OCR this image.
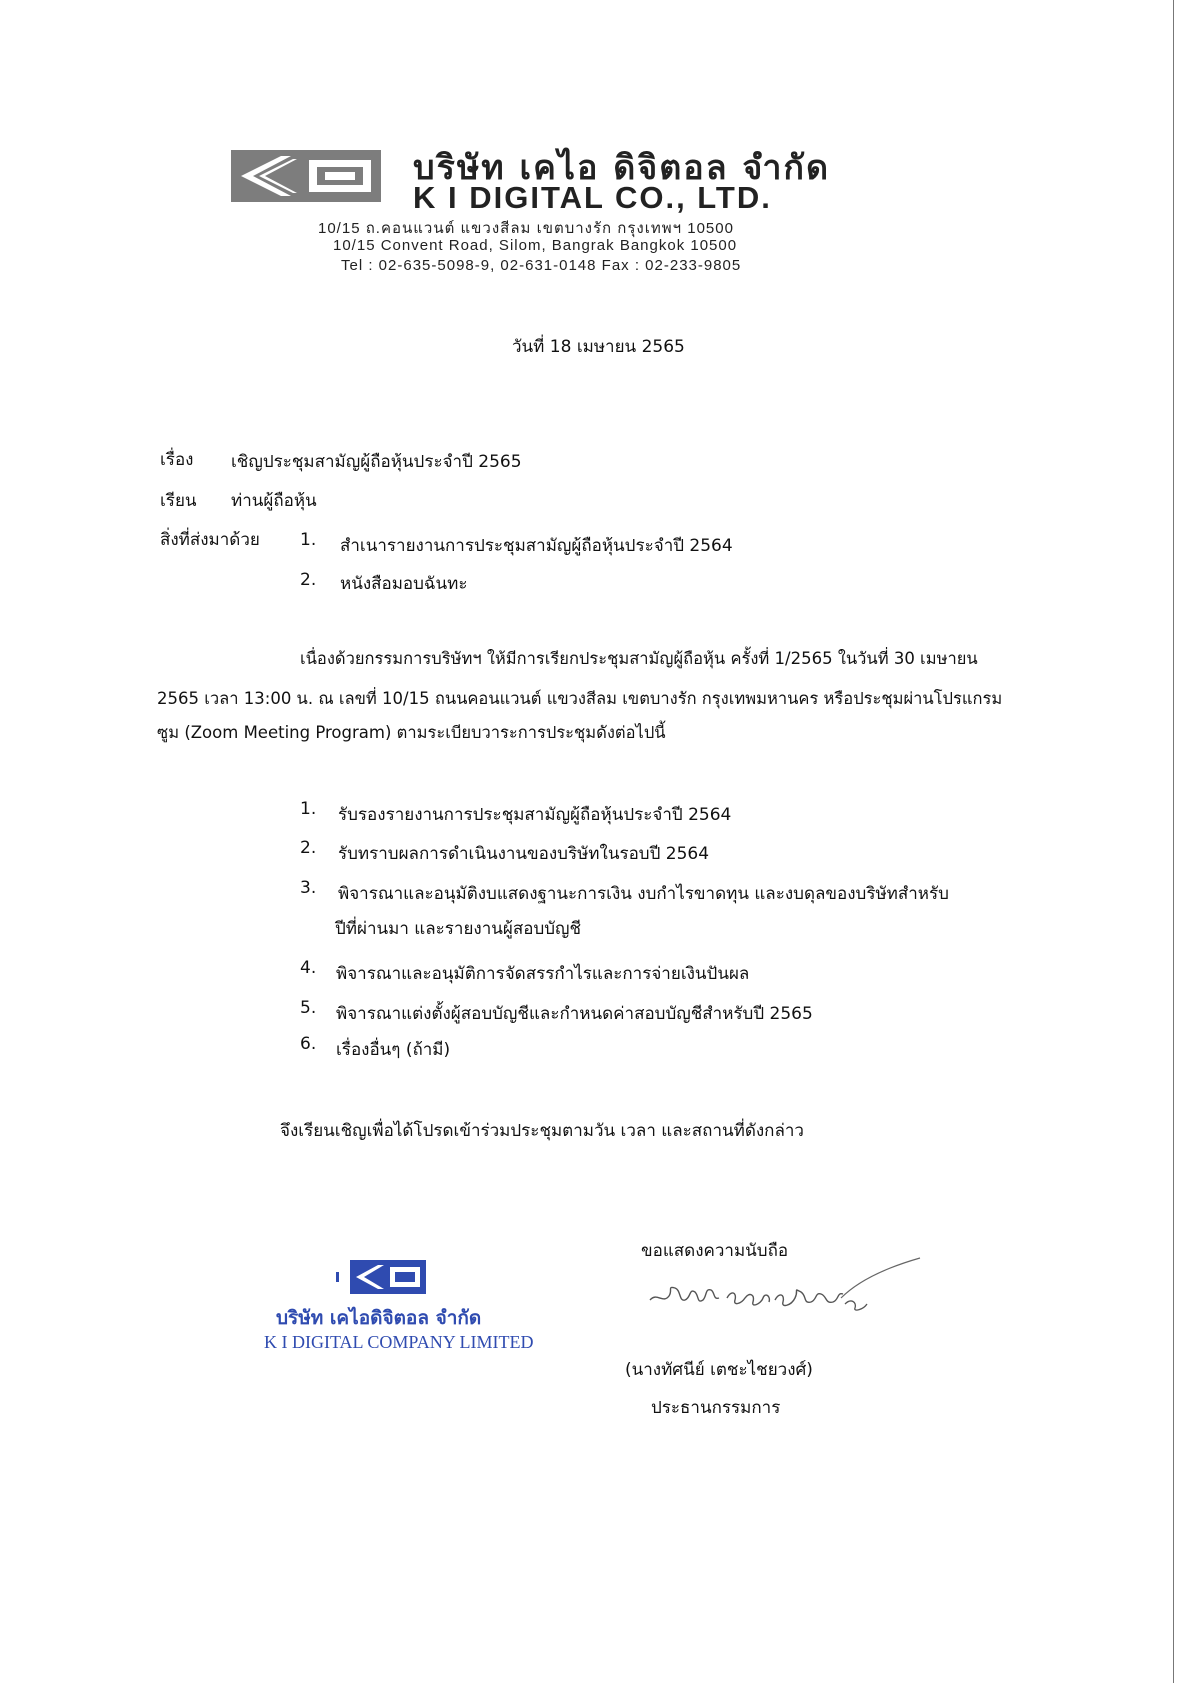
บริษัท เคไอ ดิจิตอล จำกัด
K I DIGITAL CO., LTD.
10/15 ถ.คอนแวนต์ แขวงสีลม เขตบางรัก กรุงเทพฯ 10500
10/15 Convent Road, Silom, Bangrak Bangkok 10500
Tel : 02-635-5098-9, 02-631-0148 Fax : 02-233-9805
วันที่ 18 เมษายน 2565
เรื่อง เชิญประชุมสามัญผู้ถือหุ้นประจำปี 2565
เรียน ท่านผู้ถือหุ้น
สิ่งที่ส่งมาด้วย 1. สำเนารายงานการประชุมสามัญผู้ถือหุ้นประจำปี 2564
2. หนังสือมอบฉันทะ
เนื่องด้วยกรรมการบริษัทฯ ให้มีการเรียกประชุมสามัญผู้ถือหุ้น ครั้งที่ 1/2565 ในวันที่ 30 เมษายน
2565 เวลา 13:00 น. ณ เลขที่ 10/15 ถนนคอนแวนต์ แขวงสีลม เขตบางรัก กรุงเทพมหานคร หรือประชุมผ่านโปรแกรม
ซูม (Zoom Meeting Program) ตามระเบียบวาระการประชุมดังต่อไปนี้
1. รับรองรายงานการประชุมสามัญผู้ถือหุ้นประจำปี 2564
2. รับทราบผลการดำเนินงานของบริษัทในรอบปี 2564
3. พิจารณาและอนุมัติงบแสดงฐานะการเงิน งบกำไรขาดทุน และงบดุลของบริษัทสำหรับ
ปีที่ผ่านมา และรายงานผู้สอบบัญชี
4. พิจารณาและอนุมัติการจัดสรรกำไรและการจ่ายเงินปันผล
5. พิจารณาแต่งตั้งผู้สอบบัญชีและกำหนดค่าสอบบัญชีสำหรับปี 2565
6. เรื่องอื่นๆ (ถ้ามี)
จึงเรียนเชิญเพื่อได้โปรดเข้าร่วมประชุมตามวัน เวลา และสถานที่ดังกล่าว
ขอแสดงความนับถือ
(นางทัศนีย์ เตชะไชยวงศ์)
ประธานกรรมการ
บริษัท เคไอดิจิตอล จำกัด
K I DIGITAL COMPANY LIMITED
